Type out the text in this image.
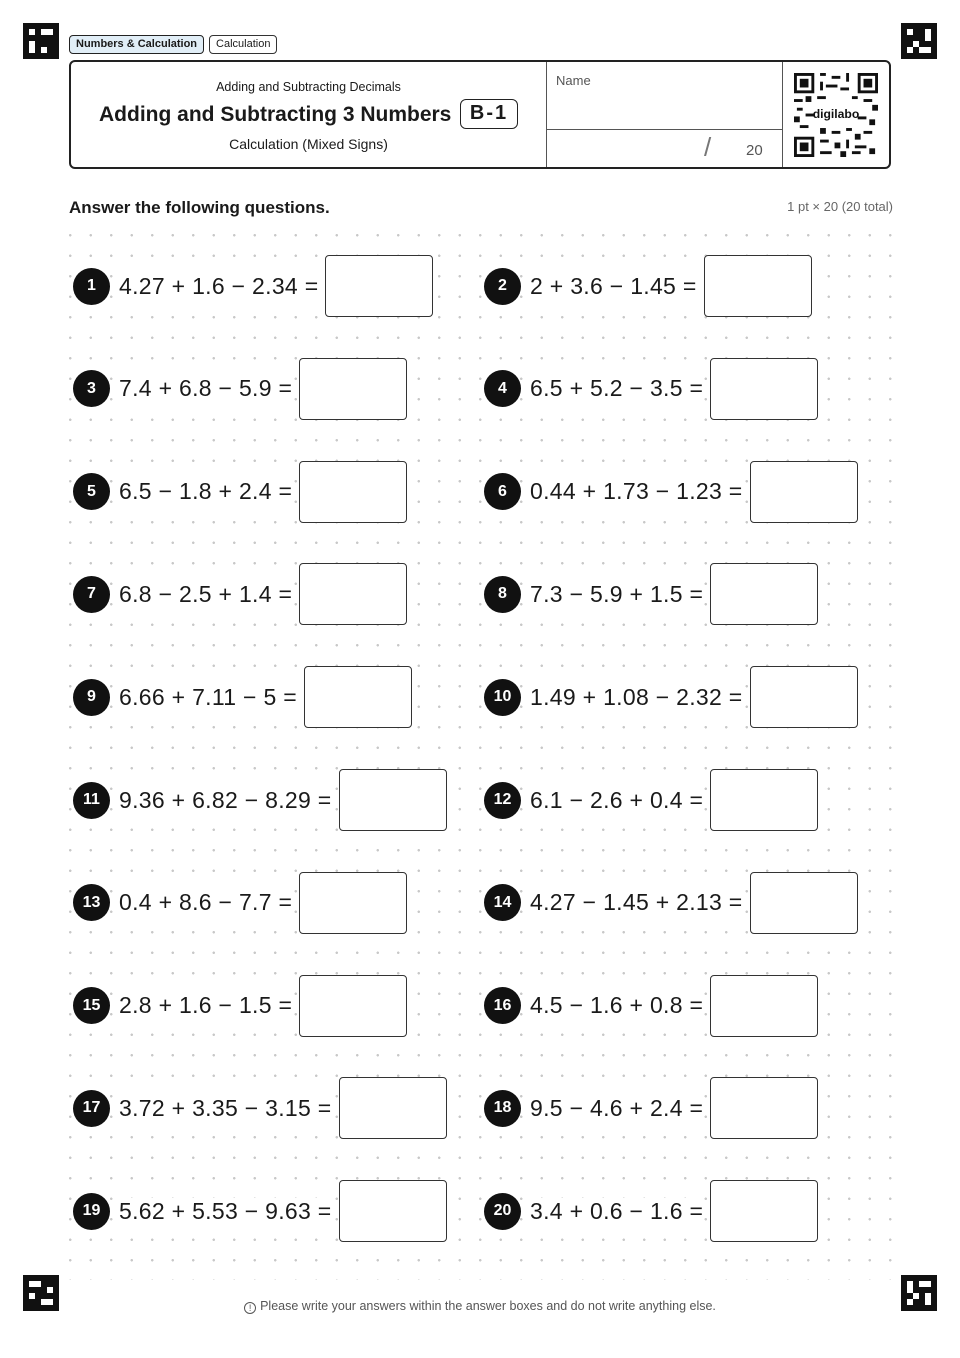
Numbers & Calculation	Calculation
Adding and Subtracting Decimals
Adding and Subtracting 3 Numbers B-1
Calculation (Mixed Signs)
Name
/ 20
digilabo
Answer the following questions.	1 pt × 20 (20 total)
1	4.27 + 1.6 − 2.34 =	2	2 + 3.6 − 1.45 =
3	7.4 + 6.8 − 5.9 =	4	6.5 + 5.2 − 3.5 =
5	6.5 − 1.8 + 2.4 =	6	0.44 + 1.73 − 1.23 =
7	6.8 − 2.5 + 1.4 =	8	7.3 − 5.9 + 1.5 =
9	6.66 + 7.11 − 5 =	10 1.49 + 1.08 − 2.32 =
11 9.36 + 6.82 − 8.29 =	12 6.1 − 2.6 + 0.4 =
13 0.4 + 8.6 − 7.7 =	14 4.27 − 1.45 + 2.13 =
15 2.8 + 1.6 − 1.5 =	16 4.5 − 1.6 + 0.8 =
17 3.72 + 3.35 − 3.15 =	18 9.5 − 4.6 + 2.4 =
19 5.62 + 5.53 − 9.63 =	20 3.4 + 0.6 − 1.6 =
! Please write your answers within the answer boxes and do not write anything else.
